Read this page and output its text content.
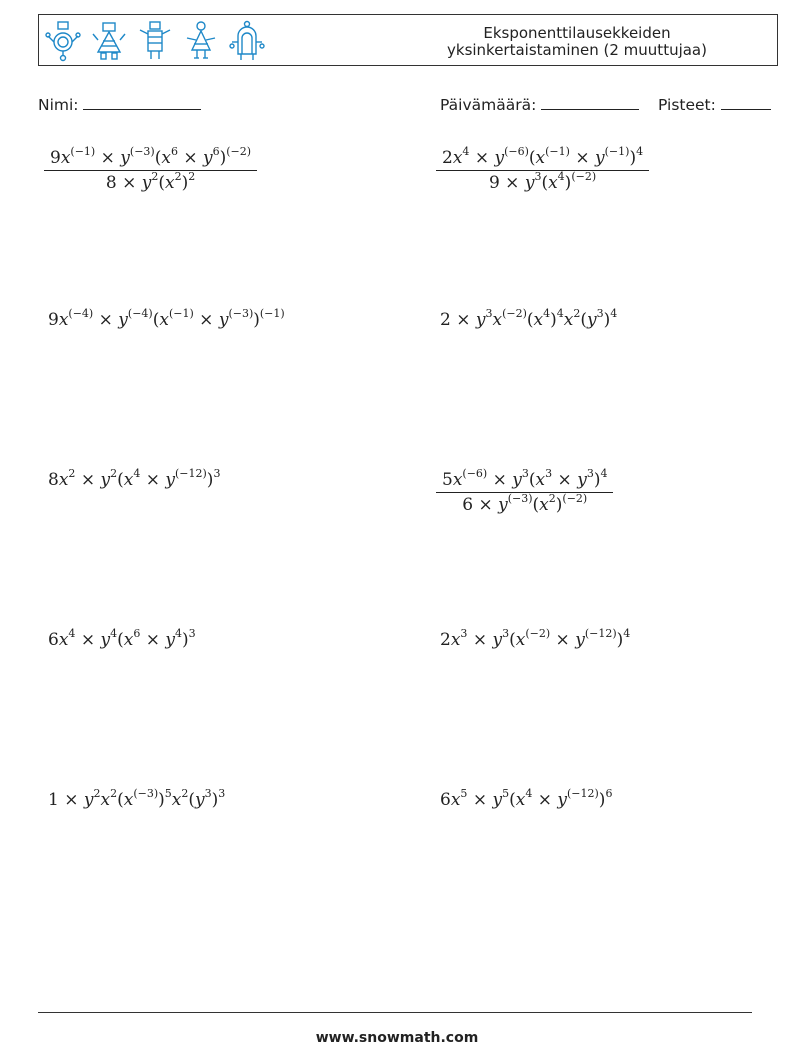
Eksponenttilausekkeiden
yksinkertaistaminen (2 muuttujaa)
Nimi:	Päivämäärä:	Pisteet:
$\frac{9x^{(-1)} \times y^{(-3)}(x^6 \times y^6)^{(-2)}}{8 \times y^2(x^2)^2}$	$\frac{2x^4 \times y^{(-6)}(x^{(-1)} \times y^{(-1)})^4}{9 \times y^3(x^4)^{(-2)}}$
$9x^{(-4)} \times y^{(-4)}(x^{(-1)} \times y^{(-3)})^{(-1)}$	$2 \times y^3x^{(-2)}(x^4)^4x^2(y^3)^4$
$8x^2 \times y^2(x^4 \times y^{(-12)})^3$	$\frac{5x^{(-6)} \times y^3(x^3 \times y^3)^4}{6 \times y^{(-3)}(x^2)^{(-2)}}$
$6x^4 \times y^4(x^6 \times y^4)^3$	$2x^3 \times y^3(x^{(-2)} \times y^{(-12)})^4$
$1 \times y^2x^2(x^{(-3)})^5x^2(y^3)^3$	$6x^5 \times y^5(x^4 \times y^{(-12)})^6$
www.snowmath.com
